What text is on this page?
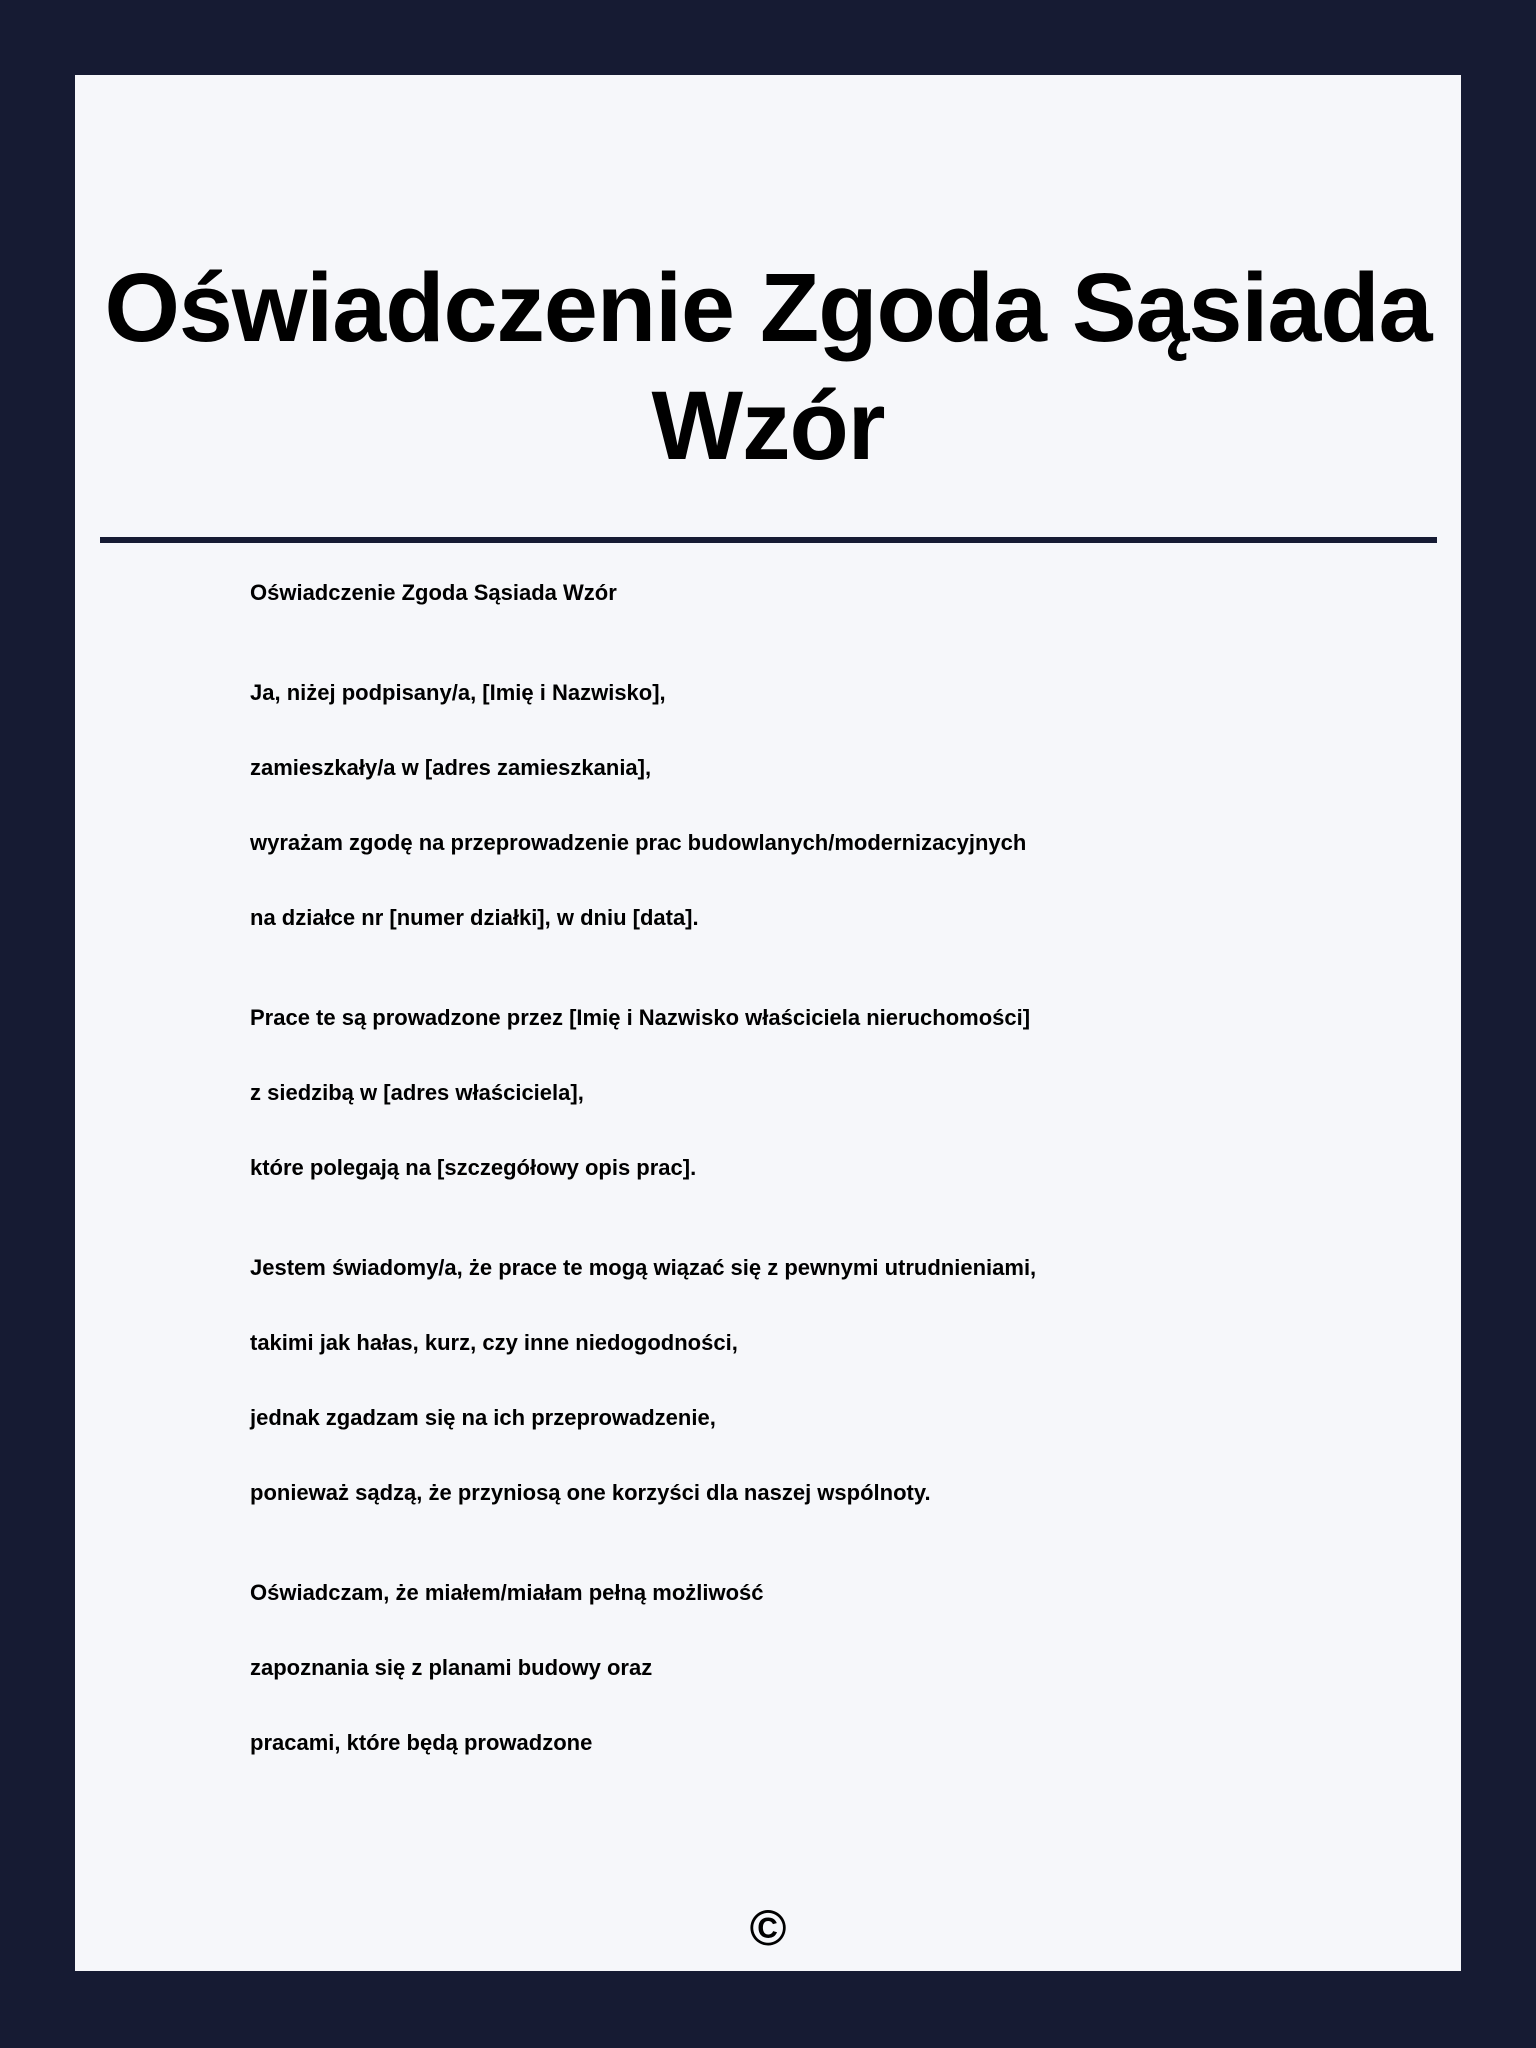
Oświadczenie Zgoda Sąsiada
Wzór

Oświadczenie Zgoda Sąsiada Wzór

Ja, niżej podpisany/a, [Imię i Nazwisko],

zamieszkały/a w [adres zamieszkania],

wyrażam zgodę na przeprowadzenie prac budowlanych/modernizacyjnych

na działce nr [numer działki], w dniu [data].

Prace te są prowadzone przez [Imię i Nazwisko właściciela nieruchomości]

z siedzibą w [adres właściciela],

które polegają na [szczegółowy opis prac].

Jestem świadomy/a, że prace te mogą wiązać się z pewnymi utrudnieniami,

takimi jak hałas, kurz, czy inne niedogodności,

jednak zgadzam się na ich przeprowadzenie,

ponieważ sądzą, że przyniosą one korzyści dla naszej wspólnoty.

Oświadczam, że miałem/miałam pełną możliwość

zapoznania się z planami budowy oraz

pracami, które będą prowadzone

©
